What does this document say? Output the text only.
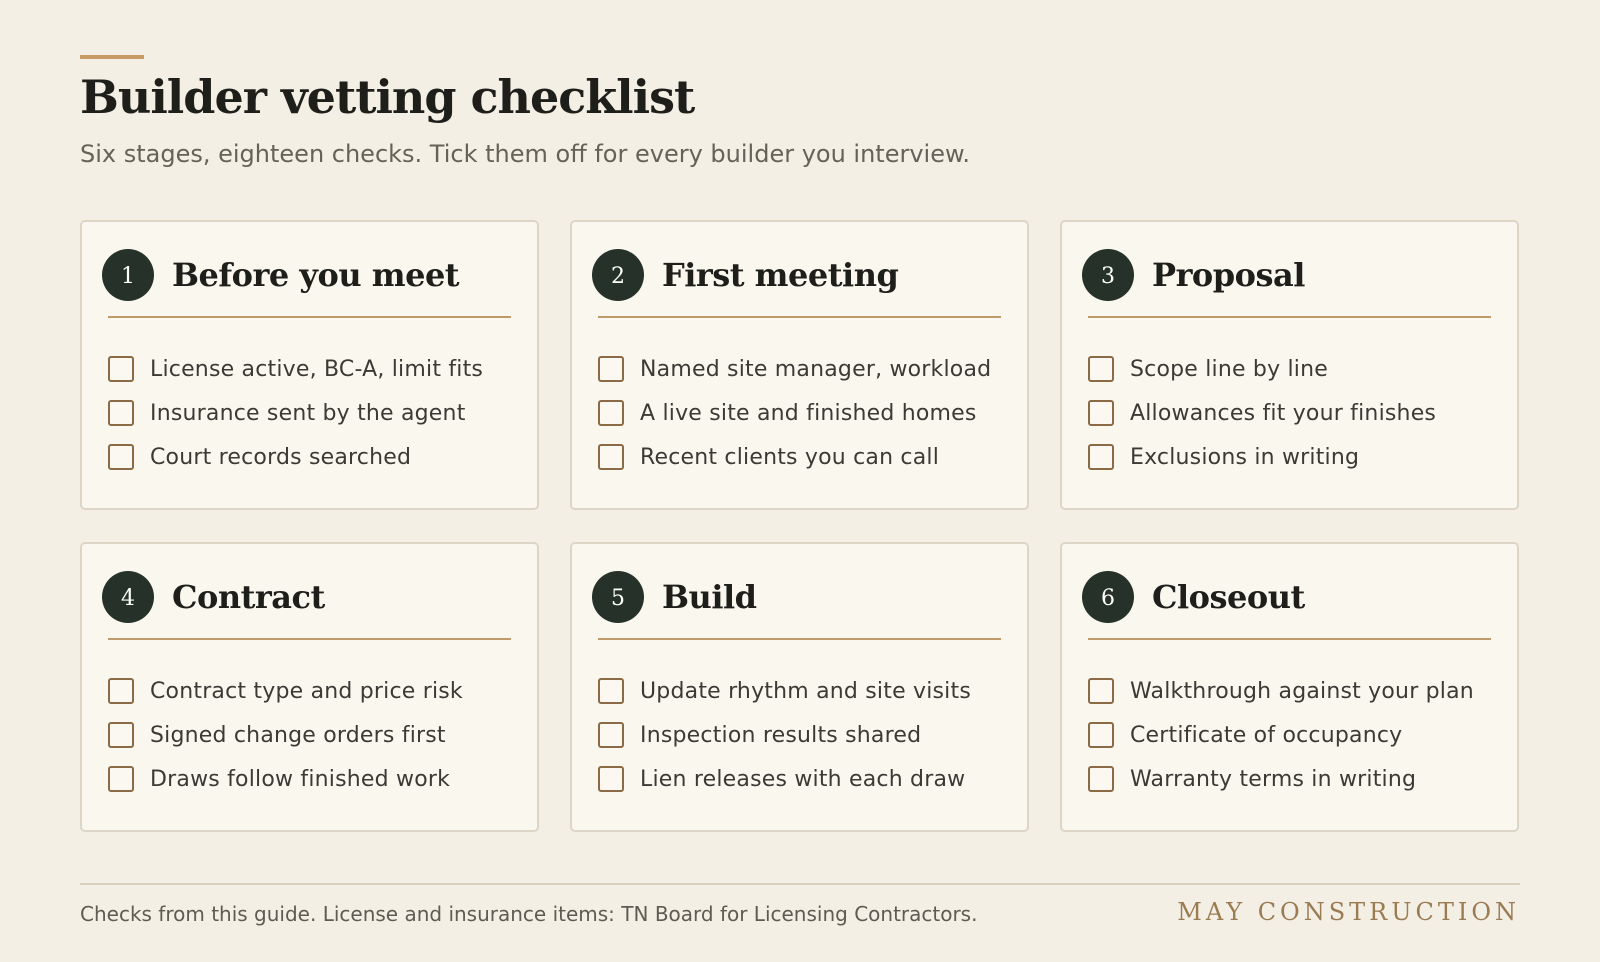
Builder vetting checklist

Six stages, eighteen checks. Tick them off for every builder you interview.

1	Before you meet
License active, BC-A, limit fits
Insurance sent by the agent
Court records searched
2	First meeting
Named site manager, workload
A live site and finished homes
Recent clients you can call
3	Proposal
Scope line by line
Allowances fit your finishes
Exclusions in writing
4	Contract
Contract type and price risk
Signed change orders first
Draws follow finished work
5	Build
Update rhythm and site visits
Inspection results shared
Lien releases with each draw
6	Closeout
Walkthrough against your plan
Certificate of occupancy
Warranty terms in writing

Checks from this guide. License and insurance items: TN Board for Licensing Contractors.	MAY CONSTRUCTION
